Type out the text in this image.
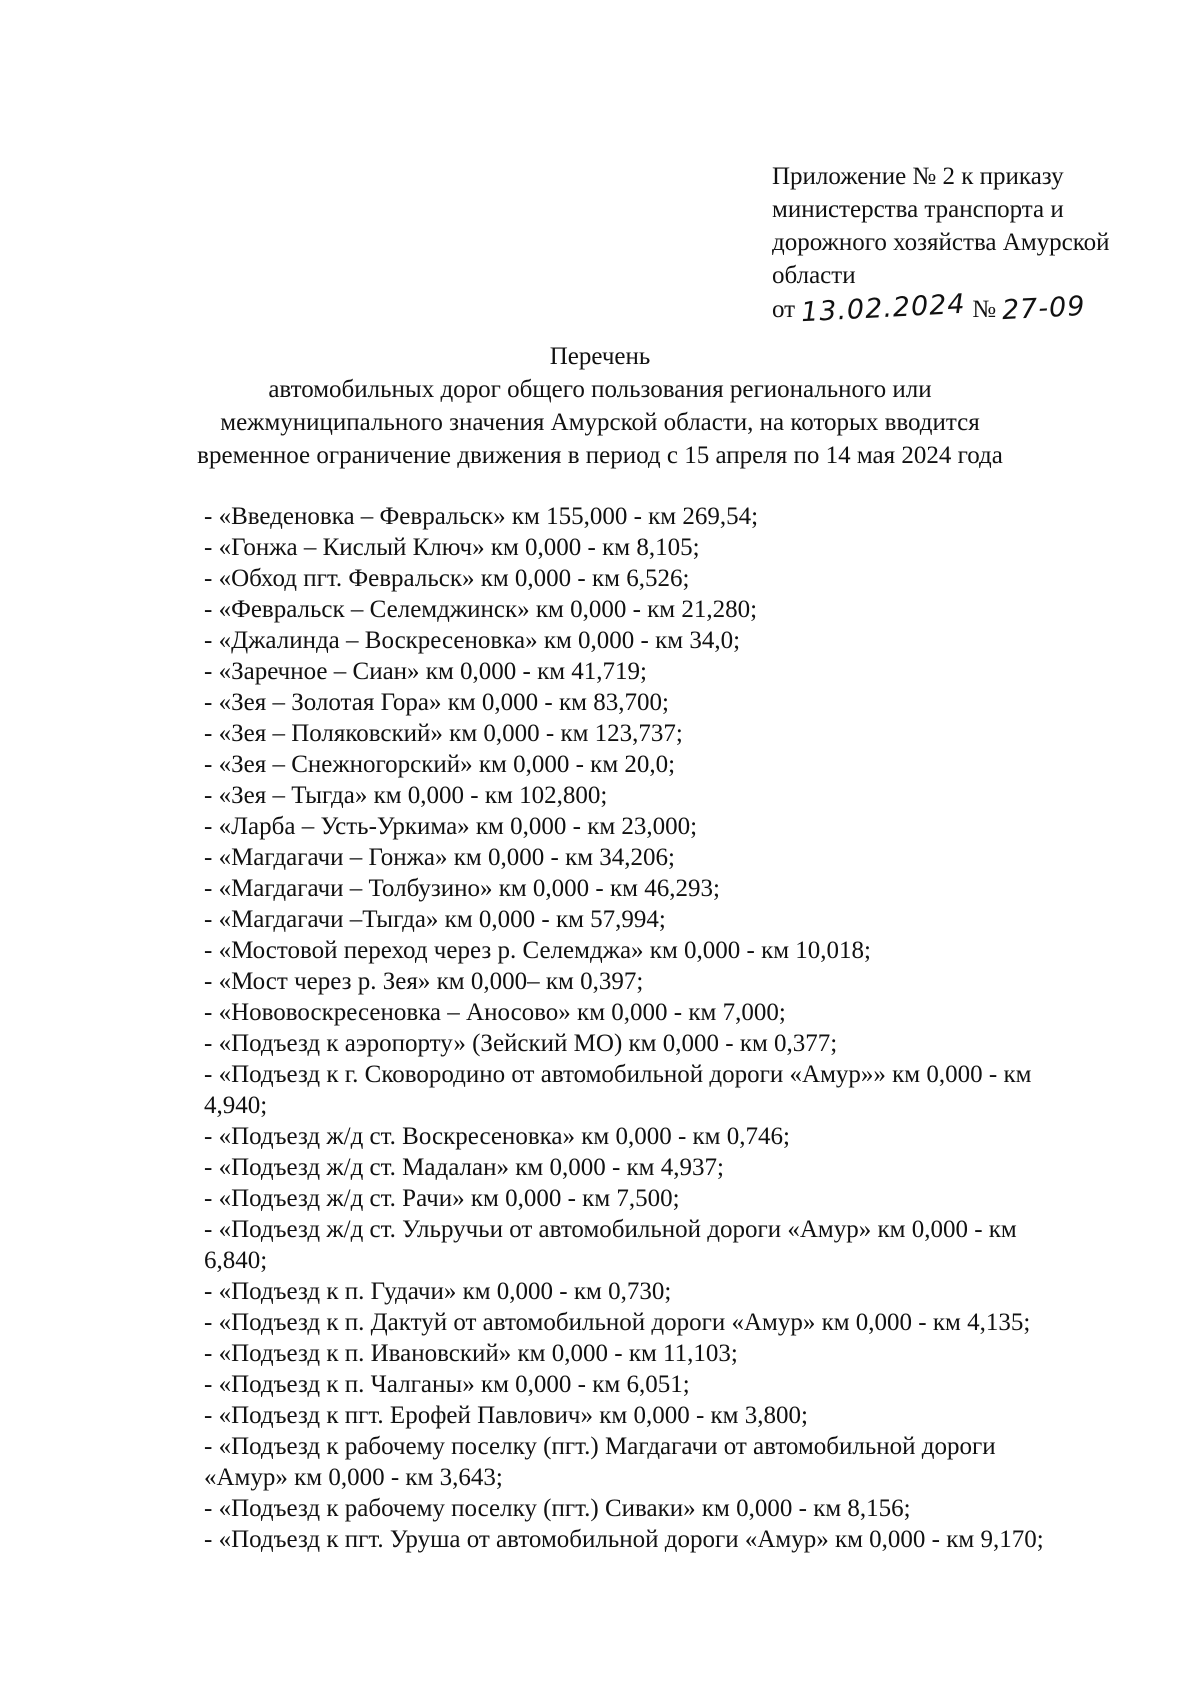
Приложение № 2 к приказу
министерства транспорта и
дорожного хозяйства Амурской
области
от 13.02.2024 № 27-09
Перечень
автомобильных дорог общего пользования регионального или
межмуниципального значения Амурской области, на которых вводится
временное ограничение движения в период с 15 апреля по 14 мая 2024 года
- «Введеновка – Февральск» км 155,000 - км 269,54;
- «Гонжа – Кислый Ключ» км 0,000 - км 8,105;
- «Обход пгт. Февральск» км 0,000 - км 6,526;
- «Февральск – Селемджинск» км 0,000 - км 21,280;
- «Джалинда – Воскресеновка» км 0,000 - км 34,0;
- «Заречное – Сиан» км 0,000 - км 41,719;
- «Зея – Золотая Гора» км 0,000 - км 83,700;
- «Зея – Поляковский» км 0,000 - км 123,737;
- «Зея – Снежногорский» км 0,000 - км 20,0;
- «Зея – Тыгда» км 0,000 - км 102,800;
- «Ларба – Усть-Уркима» км 0,000 - км 23,000;
- «Магдагачи – Гонжа» км 0,000 - км 34,206;
- «Магдагачи – Толбузино» км 0,000 - км 46,293;
- «Магдагачи –Тыгда» км 0,000 - км 57,994;
- «Мостовой переход через р. Селемджа» км 0,000 - км 10,018;
- «Мост через р. Зея» км 0,000– км 0,397;
- «Нововоскресеновка – Аносово» км 0,000 - км 7,000;
- «Подъезд к аэропорту» (Зейский МО) км 0,000 - км 0,377;
- «Подъезд к г. Сковородино от автомобильной дороги «Амур»» км 0,000 - км
4,940;
- «Подъезд ж/д ст. Воскресеновка» км 0,000 - км 0,746;
- «Подъезд ж/д ст. Мадалан» км 0,000 - км 4,937;
- «Подъезд ж/д ст. Рачи» км 0,000 - км 7,500;
- «Подъезд ж/д ст. Ульручьи от автомобильной дороги «Амур» км 0,000 - км
6,840;
- «Подъезд к п. Гудачи» км 0,000 - км 0,730;
- «Подъезд к п. Дактуй от автомобильной дороги «Амур» км 0,000 - км 4,135;
- «Подъезд к п. Ивановский» км 0,000 - км 11,103;
- «Подъезд к п. Чалганы» км 0,000 - км 6,051;
- «Подъезд к пгт. Ерофей Павлович» км 0,000 - км 3,800;
- «Подъезд к рабочему поселку (пгт.) Магдагачи от автомобильной дороги
«Амур» км 0,000 - км 3,643;
- «Подъезд к рабочему поселку (пгт.) Сиваки» км 0,000 - км 8,156;
- «Подъезд к пгт. Уруша от автомобильной дороги «Амур» км 0,000 - км 9,170;
